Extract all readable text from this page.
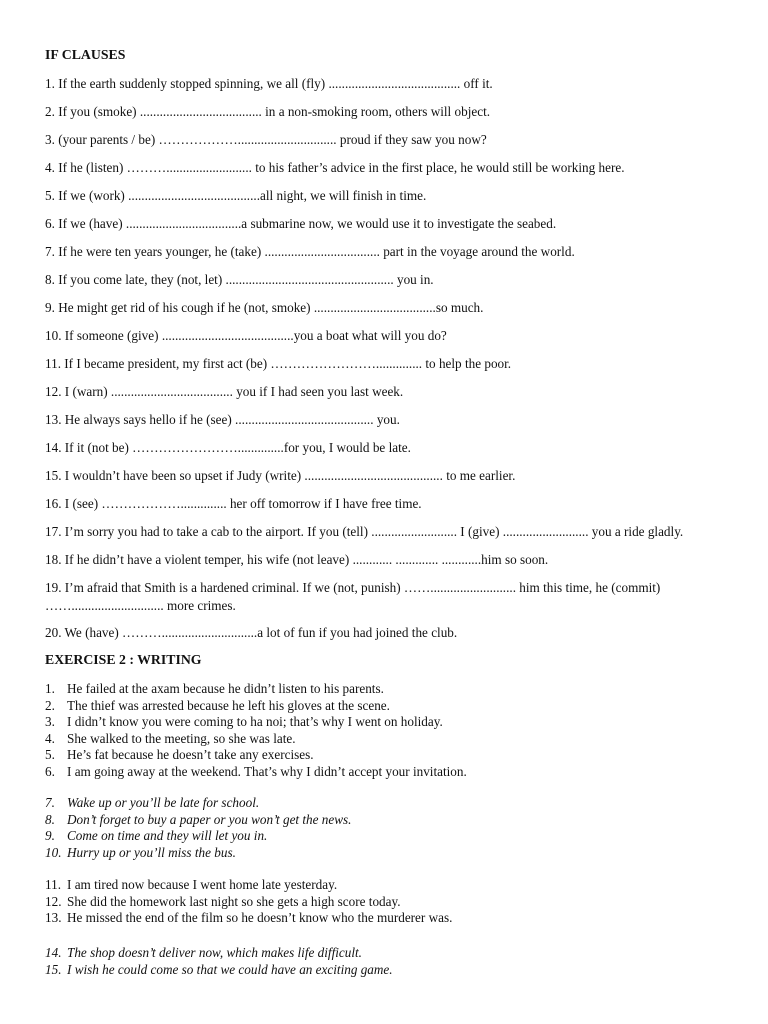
IF CLAUSES
1. If the earth suddenly stopped spinning, we all (fly) ........................................ off it.
2. If you (smoke) ..................................... in a non-smoking room, others will object.
3. (your parents / be) ……………….............................. proud if they saw you now?
4. If he (listen) ……….......................... to his father’s advice in the first place, he would still be working here.
5. If we (work) ........................................all night, we will finish in time.
6. If we (have) ...................................a submarine now, we would use it to investigate the seabed.
7. If he were ten years younger, he (take) ................................... part in the voyage around the world.
8. If you come late, they (not, let) ................................................... you in.
9. He might get rid of his cough if he (not, smoke) .....................................so much.
10. If someone (give) ........................................you a boat what will you do?
11. If I became president, my first act (be) …………………….............. to help the poor.
12. I (warn) ..................................... you if I had seen you last week.
13. He always says hello if he (see) .......................................... you.
14. If it (not be) ……………………..............for you, I would be late.
15. I wouldn’t have been so upset if Judy (write) .......................................... to me earlier.
16. I (see) ……………….............. her off tomorrow if I have free time.
17. I’m sorry you had to take a cab to the airport. If you (tell) .......................... I (give) .......................... you a ride gladly.
18. If he didn’t have a violent temper, his wife (not leave) ............ ............. ............him so soon.
19. I’m afraid that Smith is a hardened criminal. If we (not, punish) …….......................... him this time, he (commit)
……............................ more crimes.
20. We (have) ……….............................a lot of fun if you had joined the club.
EXERCISE 2 : WRITING
1. He failed at the axam because he didn’t listen to his parents.
2. The thief was arrested because he left his gloves at the scene.
3. I didn’t know you were coming to ha noi; that’s why I went on holiday.
4. She walked to the meeting, so she was late.
5. He’s fat because he doesn’t take any exercises.
6. I am going away at the weekend. That’s why I didn’t accept your invitation.
7. Wake up or you’ll be late for school.
8. Don’t forget to buy a paper or you won’t get the news.
9. Come on time and they will let you in.
10. Hurry up or you’ll miss the bus.
11. I am tired now because I went home late yesterday.
12. She did the homework last night so she gets a high score today.
13. He missed the end of the film so he doesn’t know who the murderer was.
14. The shop doesn’t deliver now, which makes life difficult.
15. I wish he could come so that we could have an exciting game.
